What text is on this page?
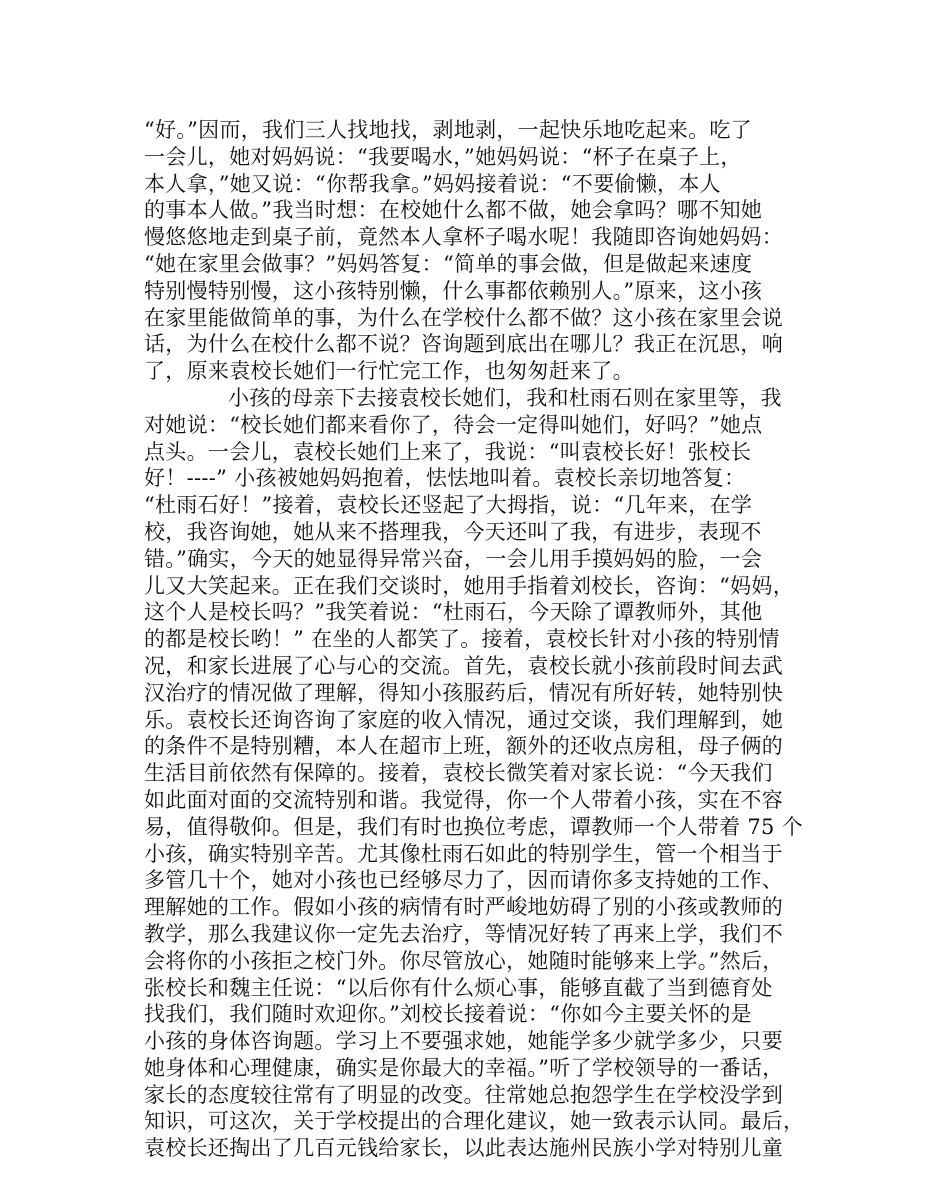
“好。”因而，我们三人找地找，剥地剥，一起快乐地吃起来。吃了
一会儿，她对妈妈说：“我要喝水，”她妈妈说：“杯子在桌子上，
本人拿，”她又说：“你帮我拿。”妈妈接着说：“不要偷懒，本人
的事本人做。”我当时想：在校她什么都不做，她会拿吗？哪不知她
慢悠悠地走到桌子前，竟然本人拿杯子喝水呢！我随即咨询她妈妈：
“她在家里会做事？”妈妈答复：“简单的事会做，但是做起来速度
特别慢特别慢，这小孩特别懒，什么事都依赖别人。”原来，这小孩
在家里能做简单的事，为什么在学校什么都不做？这小孩在家里会说
话，为什么在校什么都不说？咨询题到底出在哪儿？我正在沉思，响
了，原来袁校长她们一行忙完工作，也匆匆赶来了。
小孩的母亲下去接袁校长她们，我和杜雨石则在家里等，我
对她说：“校长她们都来看你了，待会一定得叫她们，好吗？”她点
点头。一会儿，袁校长她们上来了，我说：“叫袁校长好！张校长
好！----” 小孩被她妈妈抱着，怯怯地叫着。袁校长亲切地答复：
“杜雨石好！”接着，袁校长还竖起了大拇指，说：“几年来，在学
校，我咨询她，她从来不搭理我，今天还叫了我，有进步，表现不
错。”确实，今天的她显得异常兴奋，一会儿用手摸妈妈的脸，一会
儿又大笑起来。正在我们交谈时，她用手指着刘校长，咨询：“妈妈，
这个人是校长吗？”我笑着说：“杜雨石，今天除了谭教师外，其他
的都是校长哟！” 在坐的人都笑了。接着，袁校长针对小孩的特别情
况，和家长进展了心与心的交流。首先，袁校长就小孩前段时间去武
汉治疗的情况做了理解，得知小孩服药后，情况有所好转，她特别快
乐。袁校长还询咨询了家庭的收入情况，通过交谈，我们理解到，她
的条件不是特别糟，本人在超市上班，额外的还收点房租，母子俩的
生活目前依然有保障的。接着，袁校长微笑着对家长说：“今天我们
如此面对面的交流特别和谐。我觉得，你一个人带着小孩，实在不容
易，值得敬仰。但是，我们有时也换位考虑，谭教师一个人带着 75 个
小孩，确实特别辛苦。尤其像杜雨石如此的特别学生，管一个相当于
多管几十个，她对小孩也已经够尽力了，因而请你多支持她的工作、
理解她的工作。假如小孩的病情有时严峻地妨碍了别的小孩或教师的
教学，那么我建议你一定先去治疗，等情况好转了再来上学，我们不
会将你的小孩拒之校门外。你尽管放心，她随时能够来上学。”然后，
张校长和魏主任说：“以后你有什么烦心事，能够直截了当到德育处
找我们，我们随时欢迎你。”刘校长接着说：“你如今主要关怀的是
小孩的身体咨询题。学习上不要强求她，她能学多少就学多少，只要
她身体和心理健康，确实是你最大的幸福。”听了学校领导的一番话，
家长的态度较往常有了明显的改变。往常她总抱怨学生在学校没学到
知识，可这次，关于学校提出的合理化建议，她一致表示认同。最后，
袁校长还掏出了几百元钱给家长，以此表达施州民族小学对特别儿童
